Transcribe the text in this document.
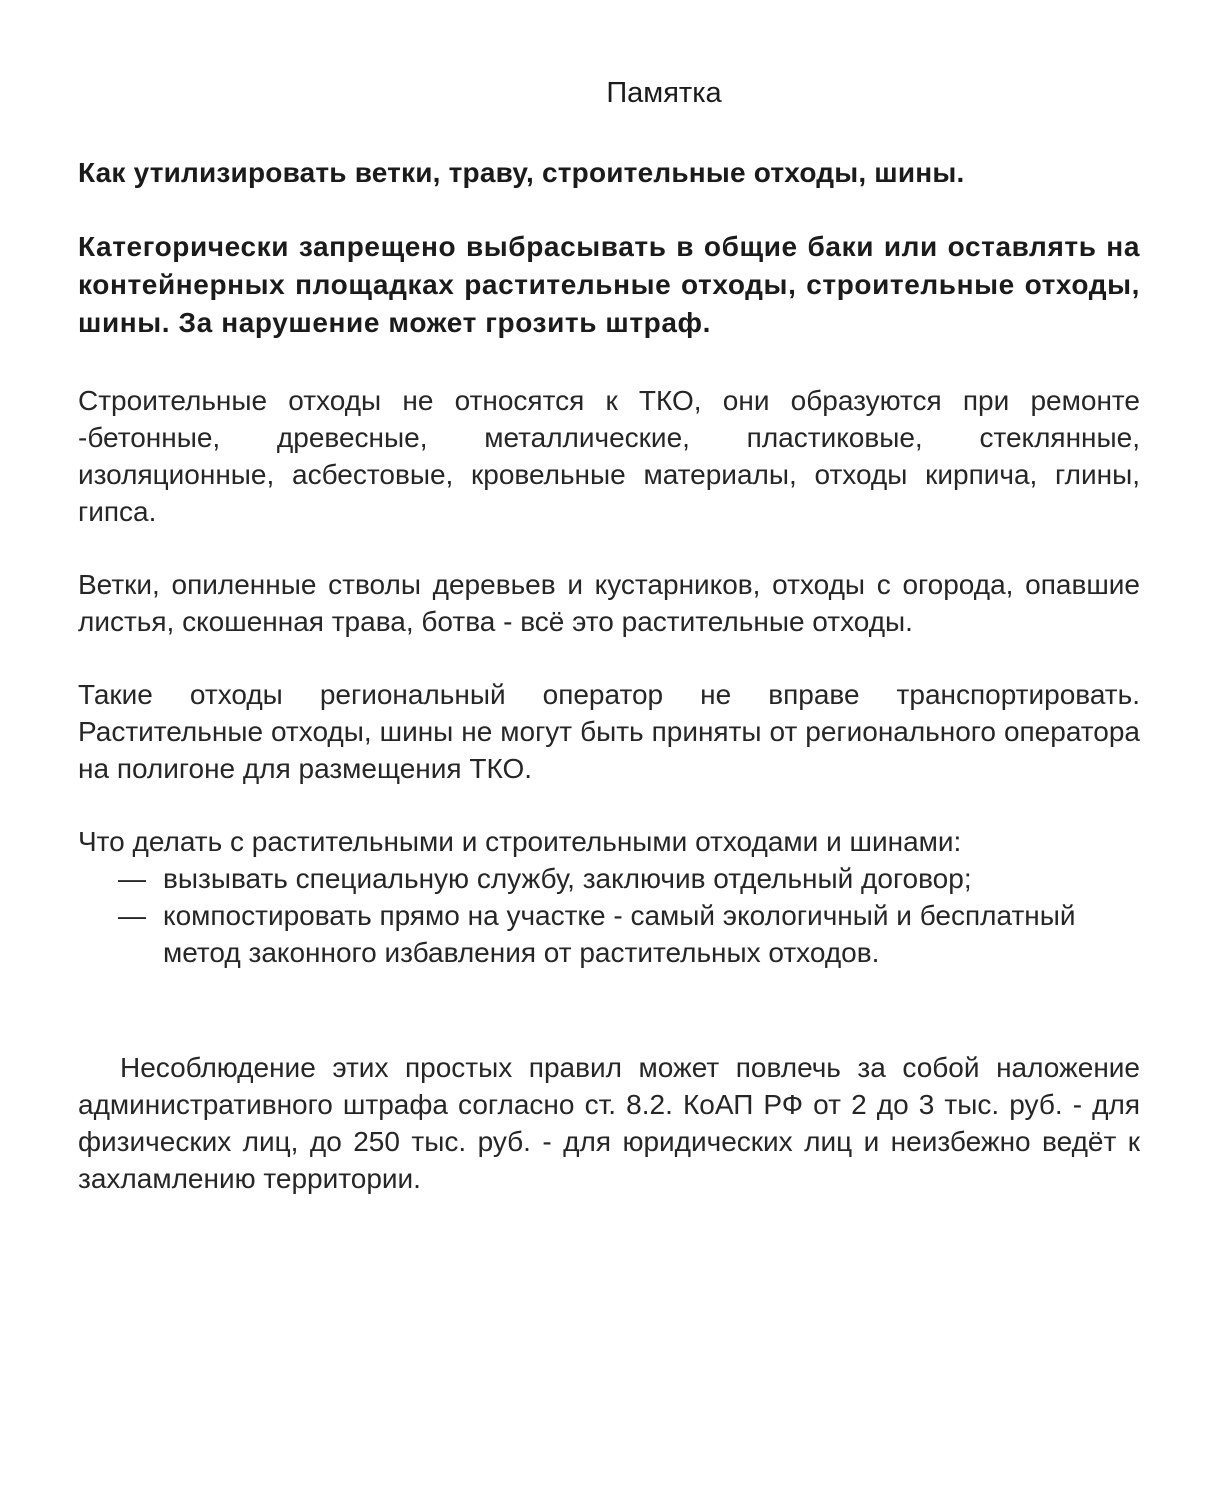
Памятка
Как утилизировать ветки, траву, строительные отходы, шины.

Категорически запрещено выбрасывать в общие баки или оставлять на контейнерных площадках растительные отходы, строительные отходы, шины. За нарушение может грозить штраф.

Строительные отходы не относятся к ТКО, они образуются при ремонте -бетонные, древесные, металлические, пластиковые, стеклянные, изоляционные, асбестовые, кровельные материалы, отходы кирпича, глины, гипса.

Ветки, опиленные стволы деревьев и кустарников, отходы с огорода, опавшие листья, скошенная трава, ботва - всё это растительные отходы.

Такие отходы региональный оператор не вправе транспортировать. Растительные отходы, шины не могут быть приняты от регионального оператора на полигоне для размещения ТКО.

Что делать с растительными и строительными отходами и шинами:

— вызывать специальную службу, заключив отдельный договор;
— компостировать прямо на участке - самый экологичный и бесплатный метод законного избавления от растительных отходов.

Несоблюдение этих простых правил может повлечь за собой наложение административного штрафа согласно ст. 8.2. КоАП РФ от 2 до 3 тыс. руб. - для физических лиц, до 250 тыс. руб. - для юридических лиц и неизбежно ведёт к захламлению территории.
